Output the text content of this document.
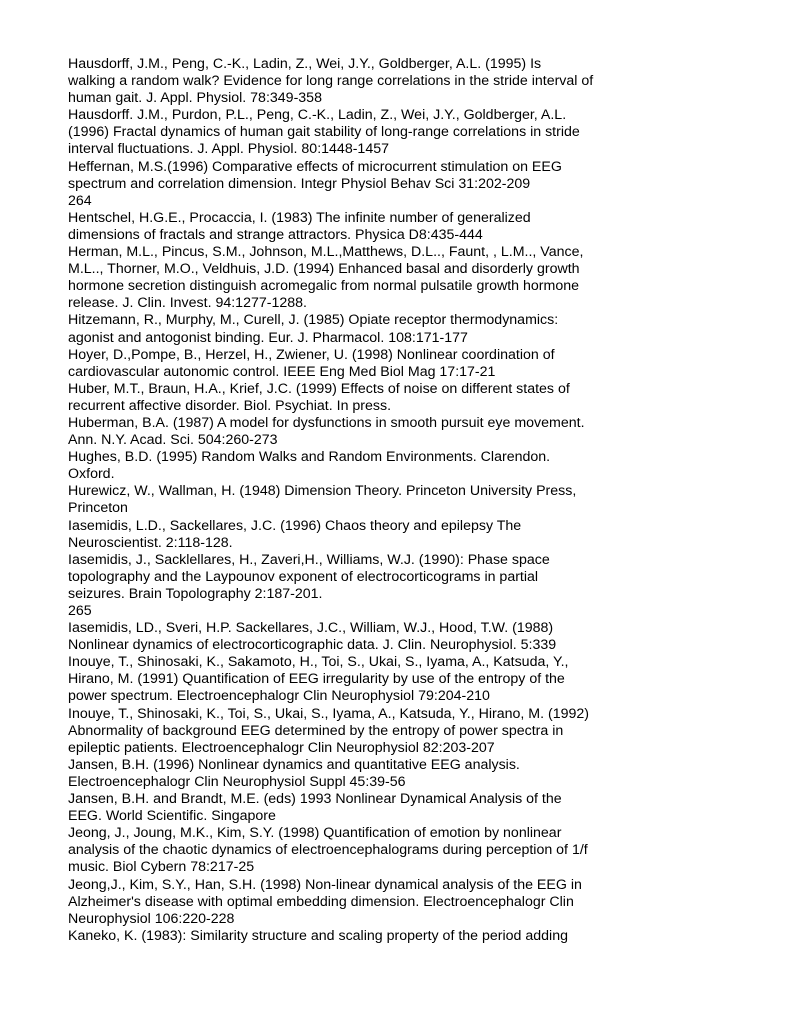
Hausdorff, J.M., Peng, C.-K., Ladin, Z., Wei, J.Y., Goldberger, A.L. (1995) Is
walking a random walk? Evidence for long range correlations in the stride interval of
human gait. J. Appl. Physiol. 78:349-358
Hausdorff. J.M., Purdon, P.L., Peng, C.-K., Ladin, Z., Wei, J.Y., Goldberger, A.L.
(1996) Fractal dynamics of human gait stability of long-range correlations in stride
interval fluctuations. J. Appl. Physiol. 80:1448-1457
Heffernan, M.S.(1996) Comparative effects of microcurrent stimulation on EEG
spectrum and correlation dimension. Integr Physiol Behav Sci 31:202-209
264
Hentschel, H.G.E., Procaccia, I. (1983) The infinite number of generalized
dimensions of fractals and strange attractors. Physica D8:435-444
Herman, M.L., Pincus, S.M., Johnson, M.L.,Matthews, D.L.., Faunt, , L.M.., Vance,
M.L.., Thorner, M.O., Veldhuis, J.D. (1994) Enhanced basal and disorderly growth
hormone secretion distinguish acromegalic from normal pulsatile growth hormone
release. J. Clin. Invest. 94:1277-1288.
Hitzemann, R., Murphy, M., Curell, J. (1985) Opiate receptor thermodynamics:
agonist and antogonist binding. Eur. J. Pharmacol. 108:171-177
Hoyer, D.,Pompe, B., Herzel, H., Zwiener, U. (1998) Nonlinear coordination of
cardiovascular autonomic control. IEEE Eng Med Biol Mag 17:17-21
Huber, M.T., Braun, H.A., Krief, J.C. (1999) Effects of noise on different states of
recurrent affective disorder. Biol. Psychiat. In press.
Huberman, B.A. (1987) A model for dysfunctions in smooth pursuit eye movement.
Ann. N.Y. Acad. Sci. 504:260-273
Hughes, B.D. (1995) Random Walks and Random Environments. Clarendon.
Oxford.
Hurewicz, W., Wallman, H. (1948) Dimension Theory. Princeton University Press,
Princeton
Iasemidis, L.D., Sackellares, J.C. (1996) Chaos theory and epilepsy The
Neuroscientist. 2:118-128.
Iasemidis, J., Sacklellares, H., Zaveri,H., Williams, W.J. (1990): Phase space
topolography and the Laypounov exponent of electrocorticograms in partial
seizures. Brain Topolography 2:187-201.
265
Iasemidis, LD., Sveri, H.P. Sackellares, J.C., William, W.J., Hood, T.W. (1988)
Nonlinear dynamics of electrocorticographic data. J. Clin. Neurophysiol. 5:339
Inouye, T., Shinosaki, K., Sakamoto, H., Toi, S., Ukai, S., Iyama, A., Katsuda, Y.,
Hirano, M. (1991) Quantification of EEG irregularity by use of the entropy of the
power spectrum. Electroencephalogr Clin Neurophysiol 79:204-210
Inouye, T., Shinosaki, K., Toi, S., Ukai, S., Iyama, A., Katsuda, Y., Hirano, M. (1992)
Abnormality of background EEG determined by the entropy of power spectra in
epileptic patients. Electroencephalogr Clin Neurophysiol 82:203-207
Jansen, B.H. (1996) Nonlinear dynamics and quantitative EEG analysis.
Electroencephalogr Clin Neurophysiol Suppl 45:39-56
Jansen, B.H. and Brandt, M.E. (eds) 1993 Nonlinear Dynamical Analysis of the
EEG. World Scientific. Singapore
Jeong, J., Joung, M.K., Kim, S.Y. (1998) Quantification of emotion by nonlinear
analysis of the chaotic dynamics of electroencephalograms during perception of 1/f
music. Biol Cybern 78:217-25
Jeong,J., Kim, S.Y., Han, S.H. (1998) Non-linear dynamical analysis of the EEG in
Alzheimer's disease with optimal embedding dimension. Electroencephalogr Clin
Neurophysiol 106:220-228
Kaneko, K. (1983): Similarity structure and scaling property of the period adding
